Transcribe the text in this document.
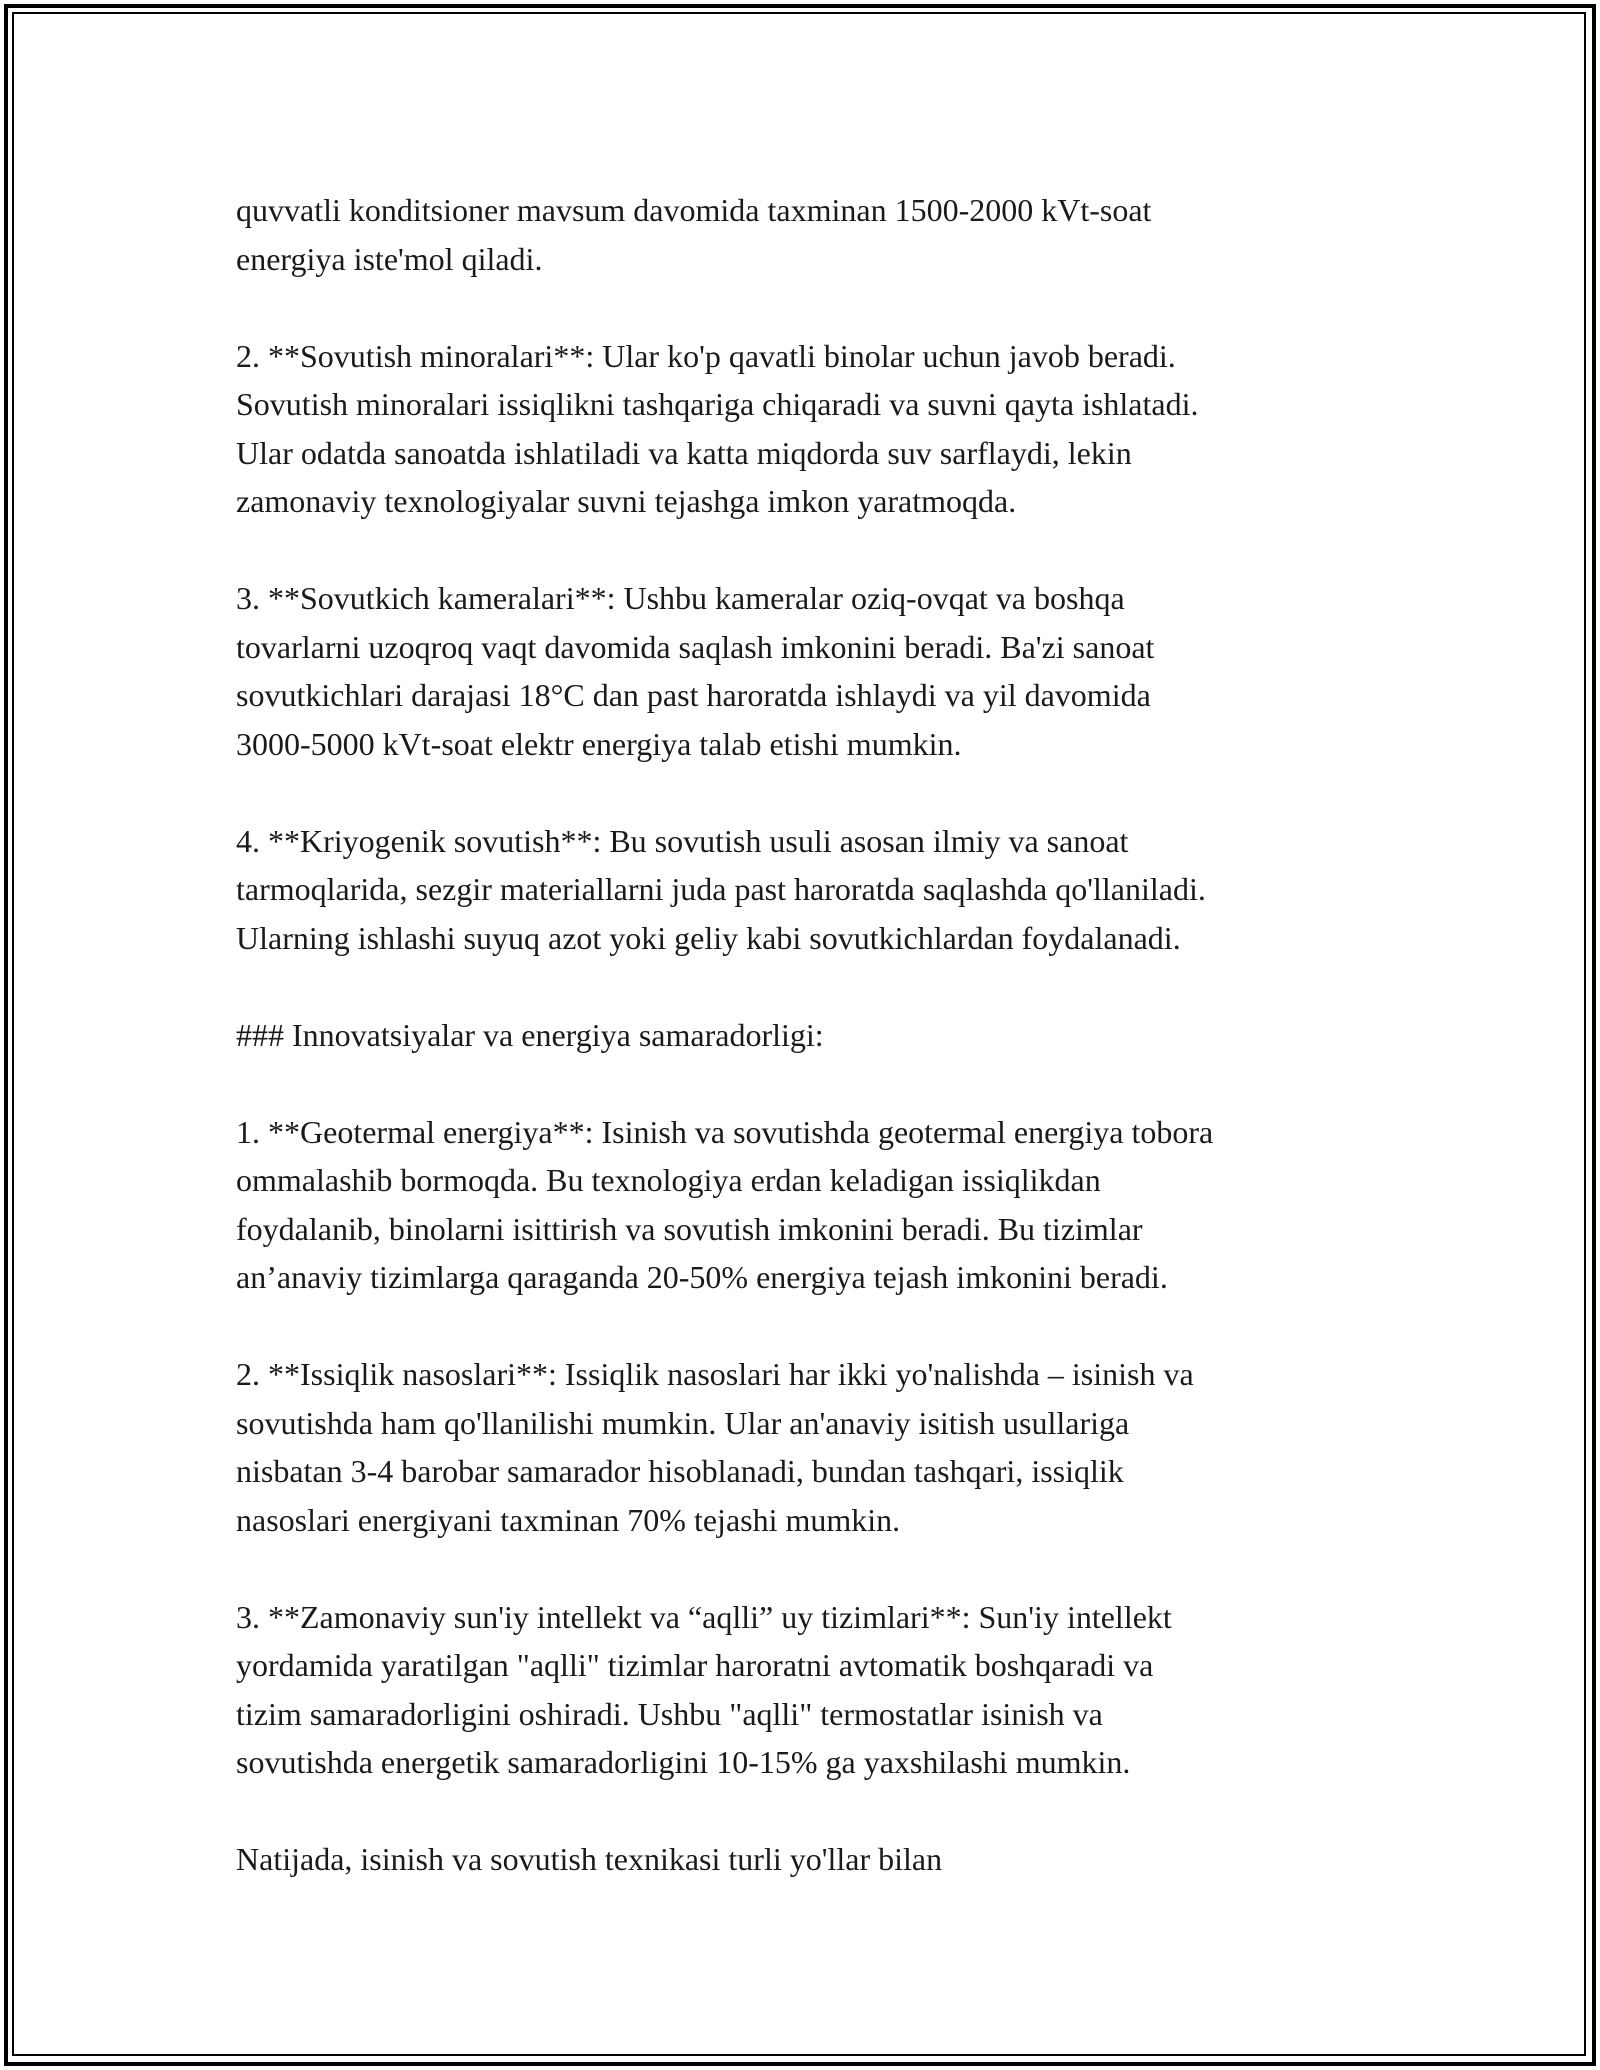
quvvatli konditsioner mavsum davomida taxminan 1500-2000 kVt-soat
energiya iste'mol qiladi.

2. **Sovutish minoralari**: Ular ko'p qavatli binolar uchun javob beradi.
Sovutish minoralari issiqlikni tashqariga chiqaradi va suvni qayta ishlatadi.
Ular odatda sanoatda ishlatiladi va katta miqdorda suv sarflaydi, lekin
zamonaviy texnologiyalar suvni tejashga imkon yaratmoqda.

3. **Sovutkich kameralari**: Ushbu kameralar oziq-ovqat va boshqa
tovarlarni uzoqroq vaqt davomida saqlash imkonini beradi. Ba'zi sanoat
sovutkichlari darajasi 18°C dan past haroratda ishlaydi va yil davomida
3000-5000 kVt-soat elektr energiya talab etishi mumkin.

4. **Kriyogenik sovutish**: Bu sovutish usuli asosan ilmiy va sanoat
tarmoqlarida, sezgir materiallarni juda past haroratda saqlashda qo'llaniladi.
Ularning ishlashi suyuq azot yoki geliy kabi sovutkichlardan foydalanadi.

### Innovatsiyalar va energiya samaradorligi:

1. **Geotermal energiya**: Isinish va sovutishda geotermal energiya tobora
ommalashib bormoqda. Bu texnologiya erdan keladigan issiqlikdan
foydalanib, binolarni isittirish va sovutish imkonini beradi. Bu tizimlar
an’anaviy tizimlarga qaraganda 20-50% energiya tejash imkonini beradi.

2. **Issiqlik nasoslari**: Issiqlik nasoslari har ikki yo'nalishda – isinish va
sovutishda ham qo'llanilishi mumkin. Ular an'anaviy isitish usullariga
nisbatan 3-4 barobar samarador hisoblanadi, bundan tashqari, issiqlik
nasoslari energiyani taxminan 70% tejashi mumkin.

3. **Zamonaviy sun'iy intellekt va “aqlli” uy tizimlari**: Sun'iy intellekt
yordamida yaratilgan "aqlli" tizimlar haroratni avtomatik boshqaradi va
tizim samaradorligini oshiradi. Ushbu "aqlli" termostatlar isinish va
sovutishda energetik samaradorligini 10-15% ga yaxshilashi mumkin.

Natijada, isinish va sovutish texnikasi turli yo'llar bilan
